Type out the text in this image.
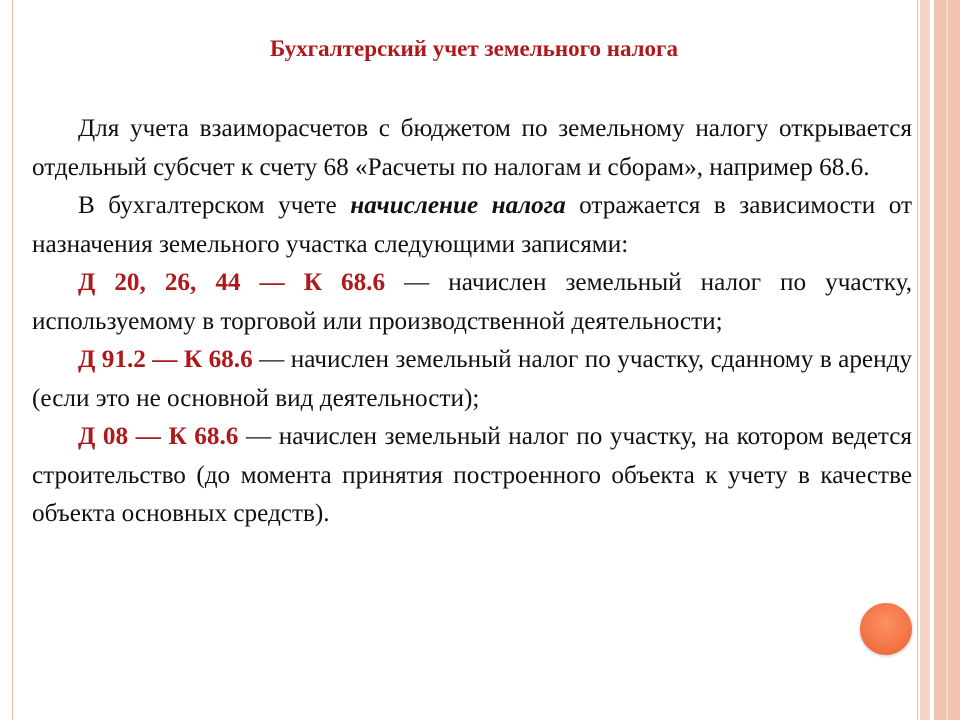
Бухгалтерский учет земельного налога

Для учета взаиморасчетов с бюджетом по земельному налогу открывается отдельный субсчет к счету 68 «Расчеты по налогам и сборам», например 68.6.

В бухгалтерском учете начисление налога отражается в зависимости от назначения земельного участка следующими записями:

Д 20, 26, 44 — К 68.6 — начислен земельный налог по участку, используемому в торговой или производственной деятельности;

Д 91.2 — К 68.6 — начислен земельный налог по участку, сданному в аренду (если это не основной вид деятельности);

Д 08 — К 68.6 — начислен земельный налог по участку, на котором ведется строительство (до момента принятия построенного объекта к учету в качестве объекта основных средств).
